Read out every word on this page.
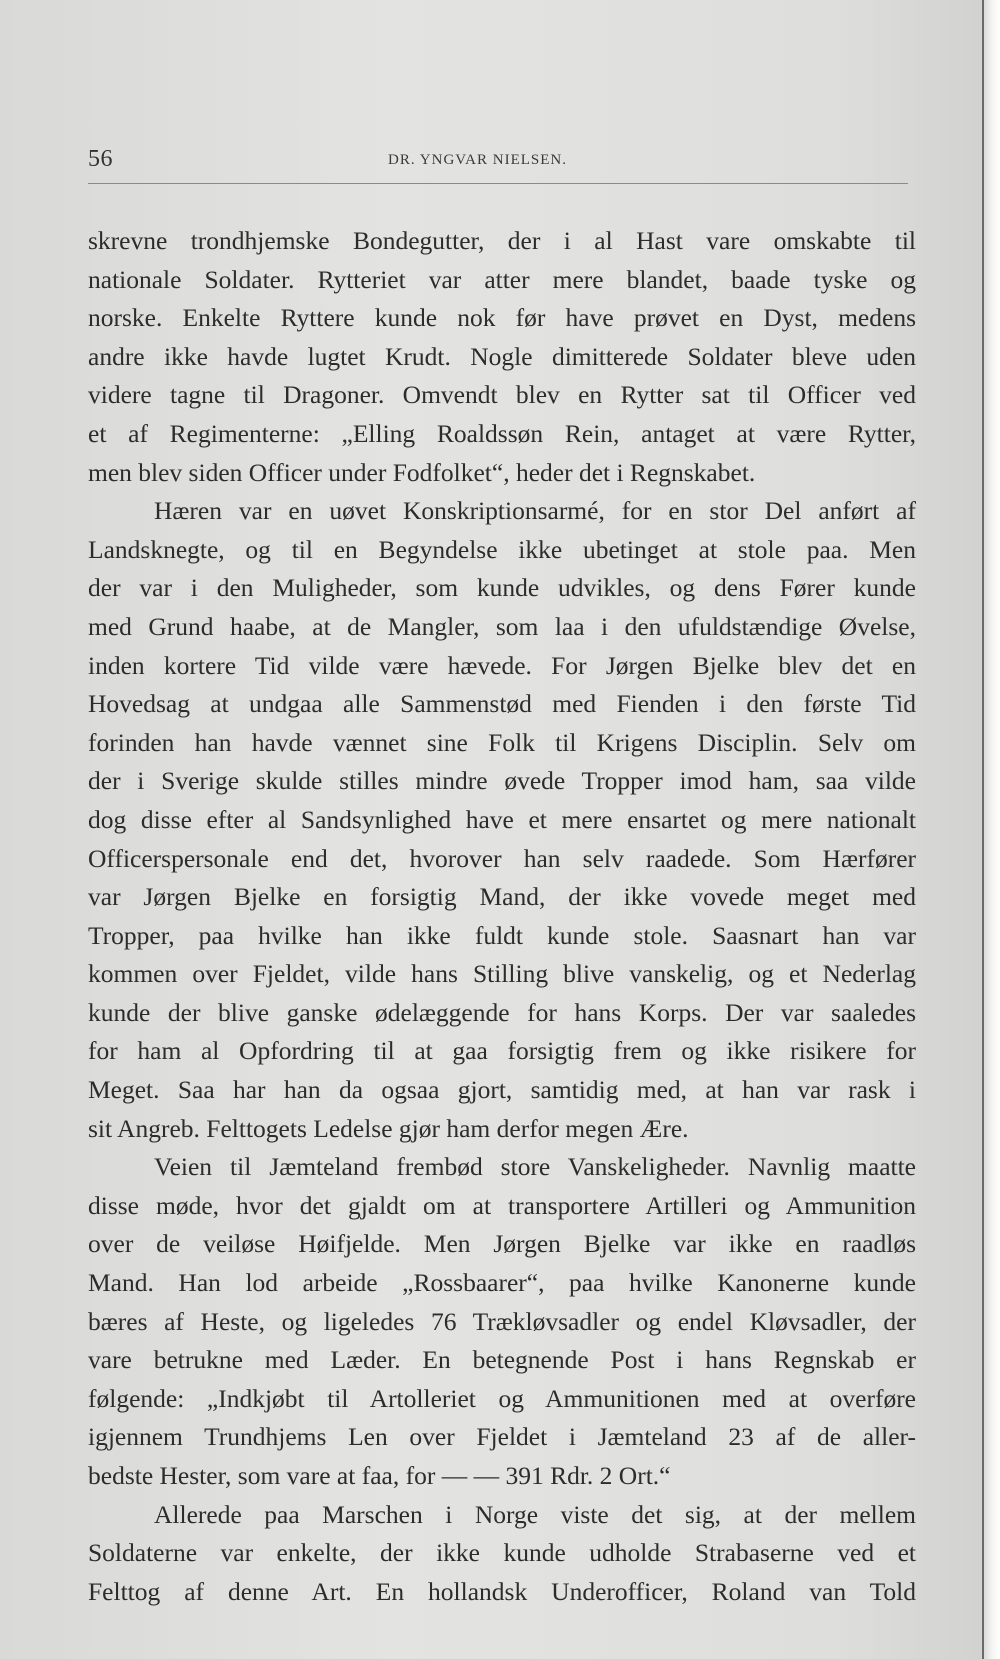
56	DR. YNGVAR NIELSEN.
skrevne trondhjemske Bondegutter, der i al Hast vare omskabte til
nationale Soldater. Rytteriet var atter mere blandet, baade tyske og
norske. Enkelte Ryttere kunde nok før have prøvet en Dyst, medens
andre ikke havde lugtet Krudt. Nogle dimitterede Soldater bleve uden
videre tagne til Dragoner. Omvendt blev en Rytter sat til Officer ved
et af Regimenterne: „Elling Roaldssøn Rein, antaget at være Rytter,
men blev siden Officer under Fodfolket“, heder det i Regnskabet.
Hæren var en uøvet Konskriptionsarmé, for en stor Del anført af
Landsknegte, og til en Begyndelse ikke ubetinget at stole paa. Men
der var i den Muligheder, som kunde udvikles, og dens Fører kunde
med Grund haabe, at de Mangler, som laa i den ufuldstændige Øvelse,
inden kortere Tid vilde være hævede. For Jørgen Bjelke blev det en
Hovedsag at undgaa alle Sammenstød med Fienden i den første Tid
forinden han havde vænnet sine Folk til Krigens Disciplin. Selv om
der i Sverige skulde stilles mindre øvede Tropper imod ham, saa vilde
dog disse efter al Sandsynlighed have et mere ensartet og mere nationalt
Officerspersonale end det, hvorover han selv raadede. Som Hærfører
var Jørgen Bjelke en forsigtig Mand, der ikke vovede meget med
Tropper, paa hvilke han ikke fuldt kunde stole. Saasnart han var
kommen over Fjeldet, vilde hans Stilling blive vanskelig, og et Nederlag
kunde der blive ganske ødelæggende for hans Korps. Der var saaledes
for ham al Opfordring til at gaa forsigtig frem og ikke risikere for
Meget. Saa har han da ogsaa gjort, samtidig med, at han var rask i
sit Angreb. Felttogets Ledelse gjør ham derfor megen Ære.
Veien til Jæmteland frembød store Vanskeligheder. Navnlig maatte
disse møde, hvor det gjaldt om at transportere Artilleri og Ammunition
over de veiløse Høifjelde. Men Jørgen Bjelke var ikke en raadløs
Mand. Han lod arbeide „Rossbaarer“, paa hvilke Kanonerne kunde
bæres af Heste, og ligeledes 76 Trækløvsadler og endel Kløvsadler, der
vare betrukne med Læder. En betegnende Post i hans Regnskab er
følgende: „Indkjøbt til Artolleriet og Ammunitionen med at overføre
igjennem Trundhjems Len over Fjeldet i Jæmteland 23 af de aller-
bedste Hester, som vare at faa, for — — 391 Rdr. 2 Ort.“
Allerede paa Marschen i Norge viste det sig, at der mellem
Soldaterne var enkelte, der ikke kunde udholde Strabaserne ved et
Felttog af denne Art. En hollandsk Underofficer, Roland van Told
